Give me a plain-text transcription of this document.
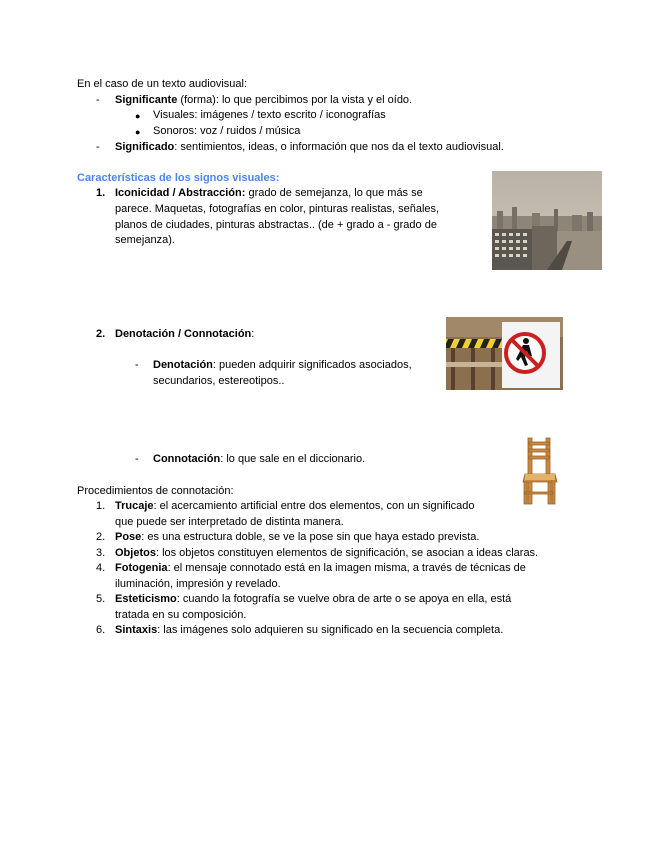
En el caso de un texto audiovisual:
- Significante (forma): lo que percibimos por la vista y el oído.
● Visuales: imágenes / texto escrito / iconografías
● Sonoros: voz / ruidos / música
- Significado: sentimientos, ideas, o información que nos da el texto audiovisual.
Características de los signos visuales:
1. Iconicidad / Abstracción: grado de semejanza, lo que más se
parece. Maquetas, fotografías en color, pinturas realistas, señales,
planos de ciudades, pinturas abstractas.. (de + grado a - grado de
semejanza).
2. Denotación / Connotación:
- Denotación: pueden adquirir significados asociados,
secundarios, estereotipos..
- Connotación: lo que sale en el diccionario.
Procedimientos de connotación:
1. Trucaje: el acercamiento artificial entre dos elementos, con un significado
que puede ser interpretado de distinta manera.
2. Pose: es una estructura doble, se ve la pose sin que haya estado prevista.
3. Objetos: los objetos constituyen elementos de significación, se asocian a ideas claras.
4. Fotogenia: el mensaje connotado está en la imagen misma, a través de técnicas de
iluminación, impresión y revelado.
5. Esteticismo: cuando la fotografía se vuelve obra de arte o se apoya en ella, está
tratada en su composición.
6. Sintaxis: las imágenes solo adquieren su significado en la secuencia completa.
